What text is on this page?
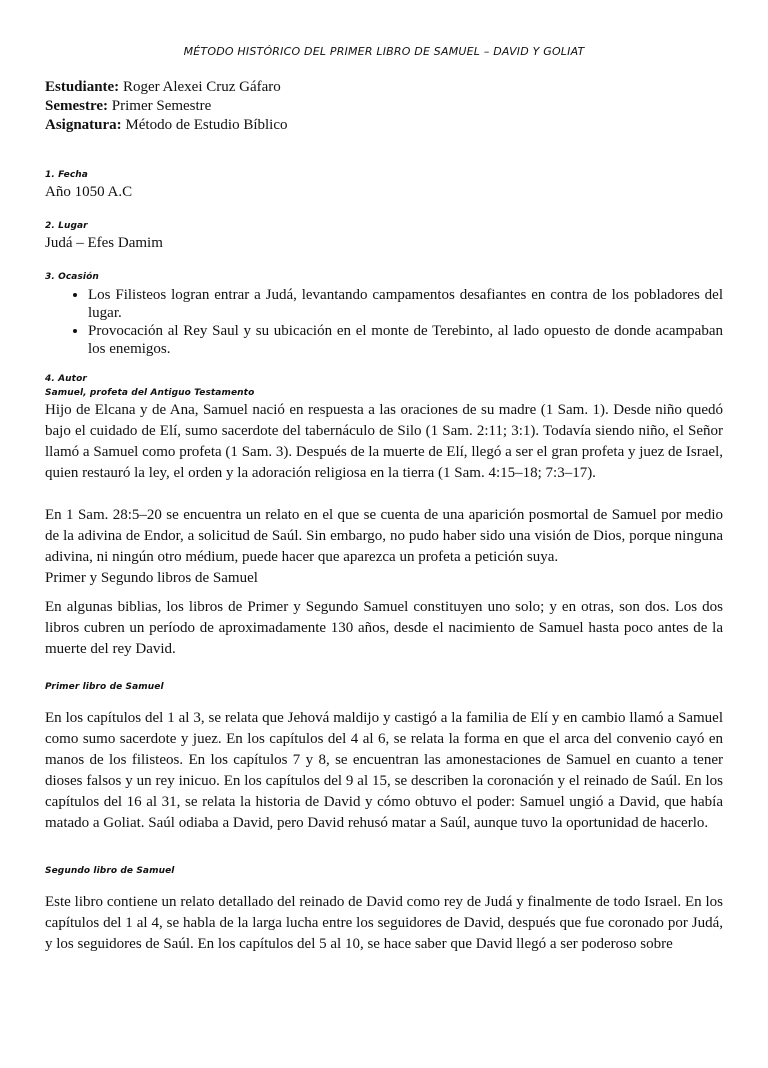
MÉTODO HISTÓRICO DEL PRIMER LIBRO DE SAMUEL – DAVID Y GOLIAT
Estudiante: Roger Alexei Cruz Gáfaro
Semestre: Primer Semestre
Asignatura: Método de Estudio Bíblico
1. Fecha
Año 1050 A.C
2. Lugar
Judá – Efes Damim
3. Ocasión
• Los Filisteos logran entrar a Judá, levantando campamentos desafiantes en contra de los pobladores del lugar.
• Provocación al Rey Saul y su ubicación en el monte de Terebinto, al lado opuesto de donde acampaban los enemigos.
4. Autor
Samuel, profeta del Antiguo Testamento

Hijo de Elcana y de Ana, Samuel nació en respuesta a las oraciones de su madre (1 Sam. 1). Desde niño quedó bajo el cuidado de Elí, sumo sacerdote del tabernáculo de Silo (1 Sam. 2:11; 3:1). Todavía siendo niño, el Señor llamó a Samuel como profeta (1 Sam. 3). Después de la muerte de Elí, llegó a ser el gran profeta y juez de Israel, quien restauró la ley, el orden y la adoración religiosa en la tierra (1 Sam. 4:15–18; 7:3–17).

En 1 Sam. 28:5–20 se encuentra un relato en el que se cuenta de una aparición posmortal de Samuel por medio de la adivina de Endor, a solicitud de Saúl. Sin embargo, no pudo haber sido una visión de Dios, porque ninguna adivina, ni ningún otro médium, puede hacer que aparezca un profeta a petición suya.

Primer y Segundo libros de Samuel

En algunas biblias, los libros de Primer y Segundo Samuel constituyen uno solo; y en otras, son dos. Los dos libros cubren un período de aproximadamente 130 años, desde el nacimiento de Samuel hasta poco antes de la muerte del rey David.

Primer libro de Samuel

En los capítulos del 1 al 3, se relata que Jehová maldijo y castigó a la familia de Elí y en cambio llamó a Samuel como sumo sacerdote y juez. En los capítulos del 4 al 6, se relata la forma en que el arca del convenio cayó en manos de los filisteos. En los capítulos 7 y 8, se encuentran las amonestaciones de Samuel en cuanto a tener dioses falsos y un rey inicuo. En los capítulos del 9 al 15, se describen la coronación y el reinado de Saúl. En los capítulos del 16 al 31, se relata la historia de David y cómo obtuvo el poder: Samuel ungió a David, que había matado a Goliat. Saúl odiaba a David, pero David rehusó matar a Saúl, aunque tuvo la oportunidad de hacerlo.

Segundo libro de Samuel

Este libro contiene un relato detallado del reinado de David como rey de Judá y finalmente de todo Israel. En los capítulos del 1 al 4, se habla de la larga lucha entre los seguidores de David, después que fue coronado por Judá, y los seguidores de Saúl. En los capítulos del 5 al 10, se hace saber que David llegó a ser poderoso sobre
